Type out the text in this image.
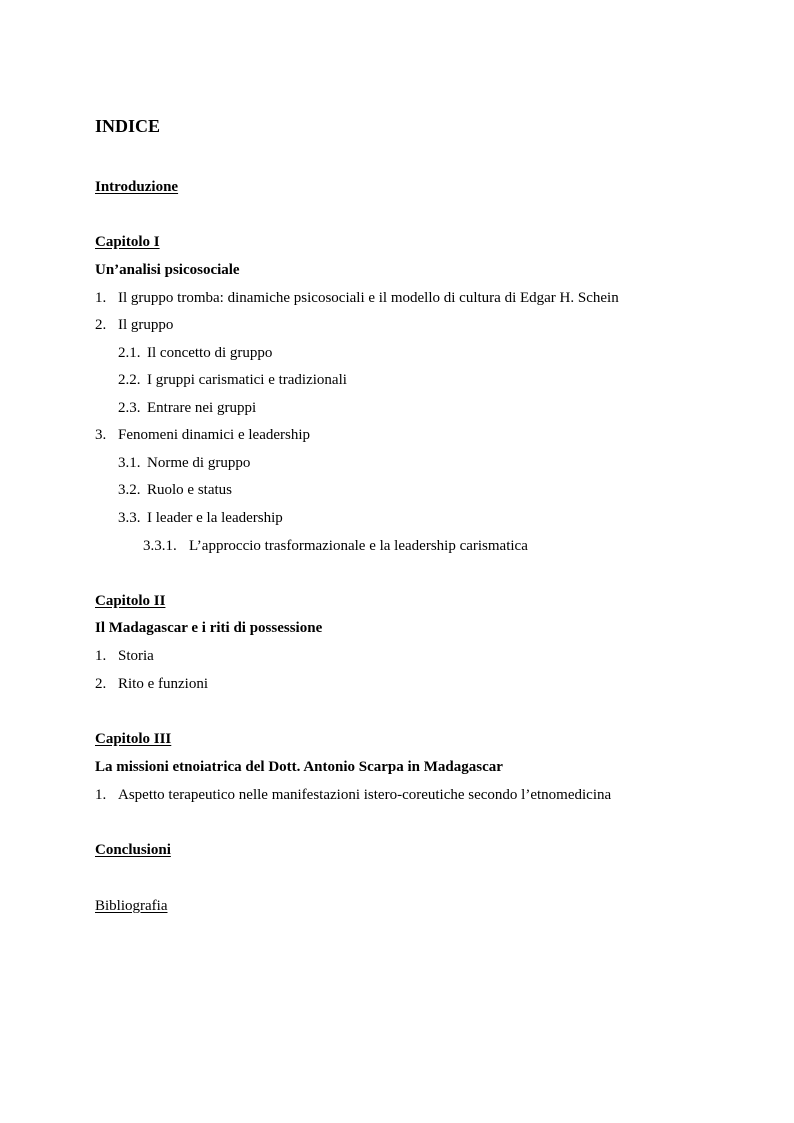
INDICE
Introduzione
Capitolo I
Un’analisi psicosociale
1. Il gruppo tromba: dinamiche psicosociali e il modello di cultura di Edgar H. Schein
2. Il gruppo
2.1. Il concetto di gruppo
2.2. I gruppi carismatici e tradizionali
2.3. Entrare nei gruppi
3. Fenomeni dinamici e leadership
3.1. Norme di gruppo
3.2. Ruolo e status
3.3. I leader e la leadership
3.3.1. L’approccio trasformazionale e la leadership carismatica
Capitolo II
Il Madagascar e i riti di possessione
1. Storia
2. Rito e funzioni
Capitolo III
La missioni etnoiatrica del Dott. Antonio Scarpa in Madagascar
1. Aspetto terapeutico nelle manifestazioni istero-coreutiche secondo l’etnomedicina
Conclusioni
Bibliografia
